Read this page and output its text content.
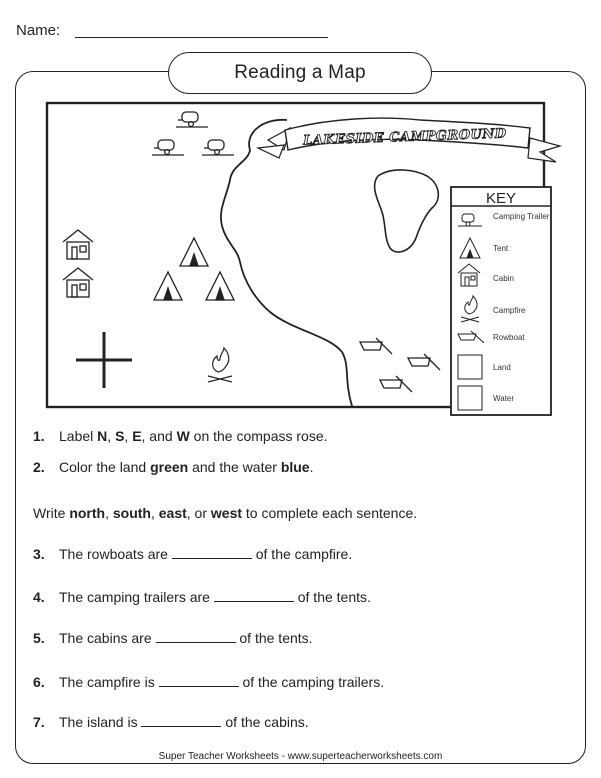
Name:
LAKESIDE CAMPGROUND
KEY
Camping Trailer
Tent
Cabin
Campfire
Rowboat
Land
Water
Reading a Map
1. Label N, S, E, and W on the compass rose.
2. Color the land green and the water blue.
Write north, south, east, or west to complete each sentence.
3. The rowboats are	of the campfire.
4. The camping trailers are	of the tents.
5. The cabins are	of the tents.
6. The campfire is	of the camping trailers.
7. The island is	of the cabins.
Super Teacher Worksheets - www.superteacherworksheets.com
